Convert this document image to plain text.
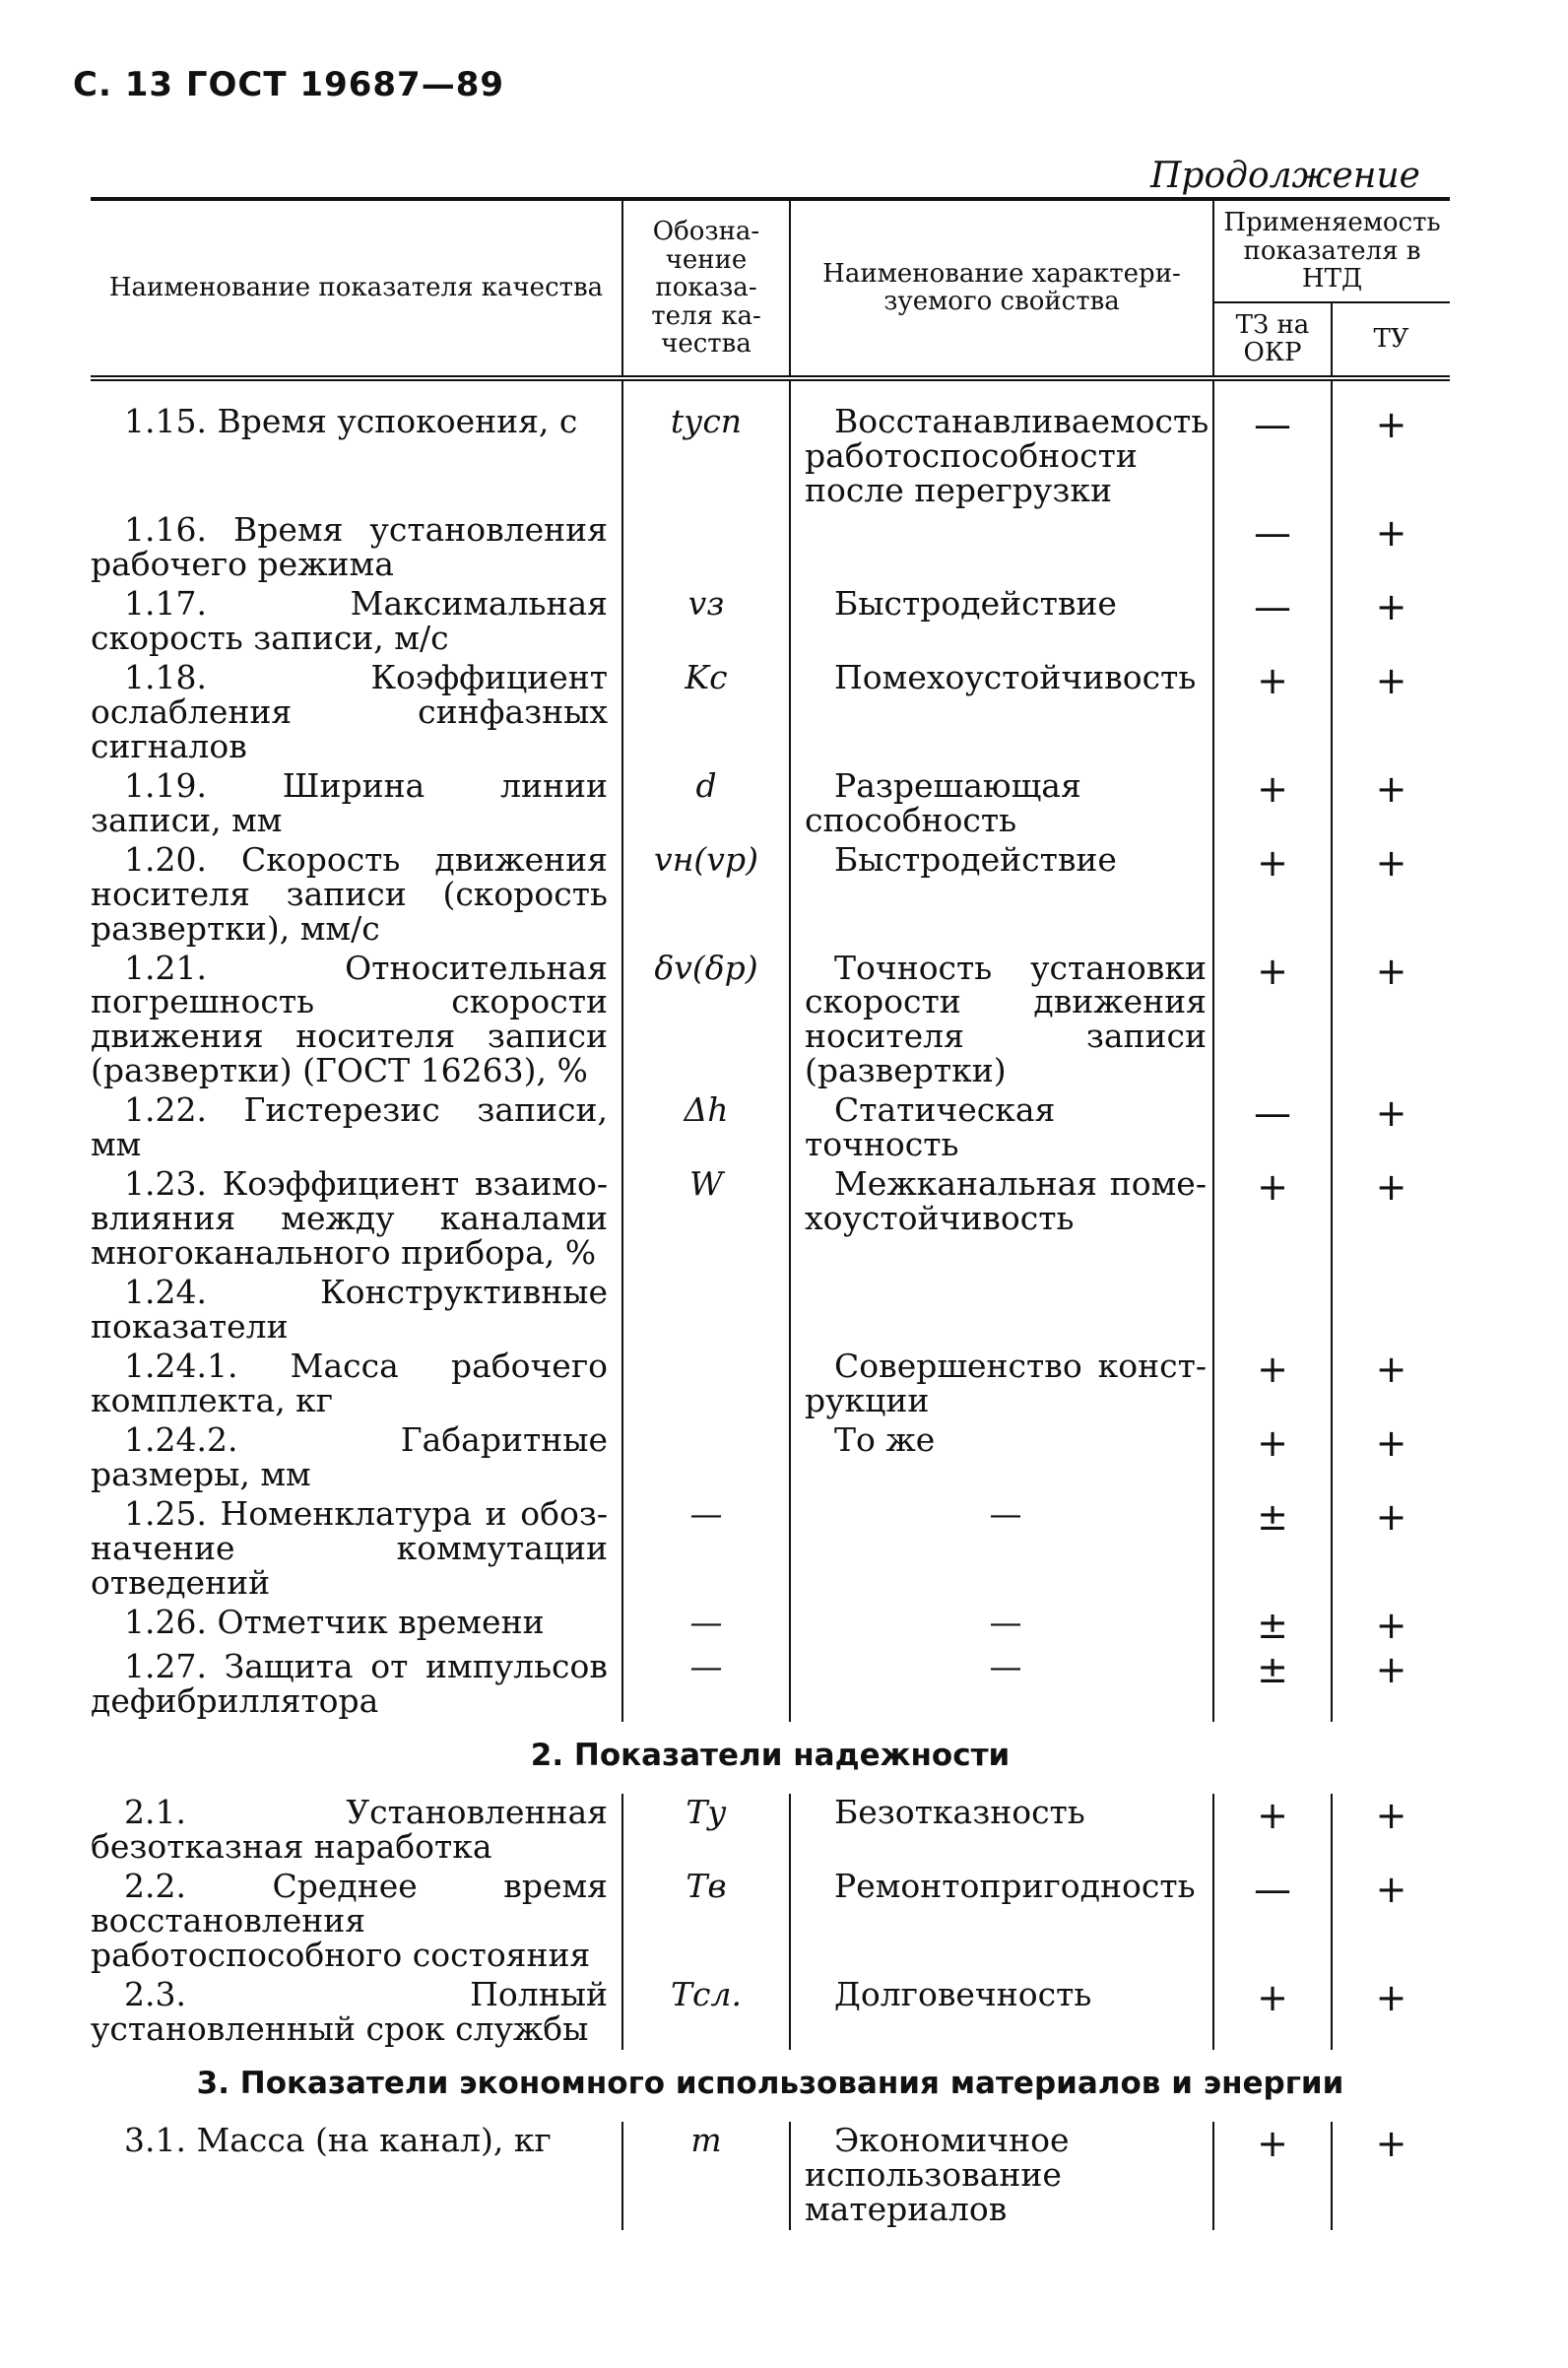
С. 13 ГОСТ 19687—89
Продолжение
Наименование показателя качества	Обозначение показателя качества	Наименование характеризуемого свойства	Применяемость показателя в НТД	
			ТЗ на ОКР	ТУ
1.15. Время успокоения, с	tусп	Восстанавливаемость работоспособности после перегрузки	—	+
1.16. Время установления рабочего режима			—	+
1.17. Максимальная скорость записи, м/с	vз	Быстродействие	—	+
1.18. Коэффициент ослабления синфазных сигналов	Kс	Помехоустойчивость	+	+
1.19. Ширина линии записи, мм	d	Разрешающая способность	+	+
1.20. Скорость движения носителя записи (скорость развертки), мм/с	vн(vр)	Быстродействие	+	+
1.21. Относительная погрешность скорости движения носителя записи (развертки) (ГОСТ 16263), %	δv(δр)	Точность установки скорости движения носителя записи (развертки)	+	+
1.22. Гистерезис записи, мм	Δh	Статическая точность	—	+
1.23. Коэффициент взаимовлияния между каналами многоканального прибора, %	W	Межканальная помехоустойчивость	+	+
1.24. Конструктивные показатели				
1.24.1. Масса рабочего комплекта, кг		Совершенство конструкции	+	+
1.24.2. Габаритные размеры, мм		То же	+	+
1.25. Номенклатура и обозначение коммутации отведений	—	—	±	+
1.26. Отметчик времени	—	—	±	+
1.27. Защита от импульсов дефибриллятора	—	—	±	+
2. Показатели надежности				
2.1. Установленная безотказная наработка	Tу	Безотказность	+	+
2.2. Среднее время восстановления работоспособного состояния	Tв	Ремонтопригодность	—	+
2.3. Полный установленный срок службы	Tсл.	Долговечность	+	+
3. Показатели экономного использования материалов и энергии				
3.1. Масса (на канал), кг	m	Экономичное использование материалов	+	+
